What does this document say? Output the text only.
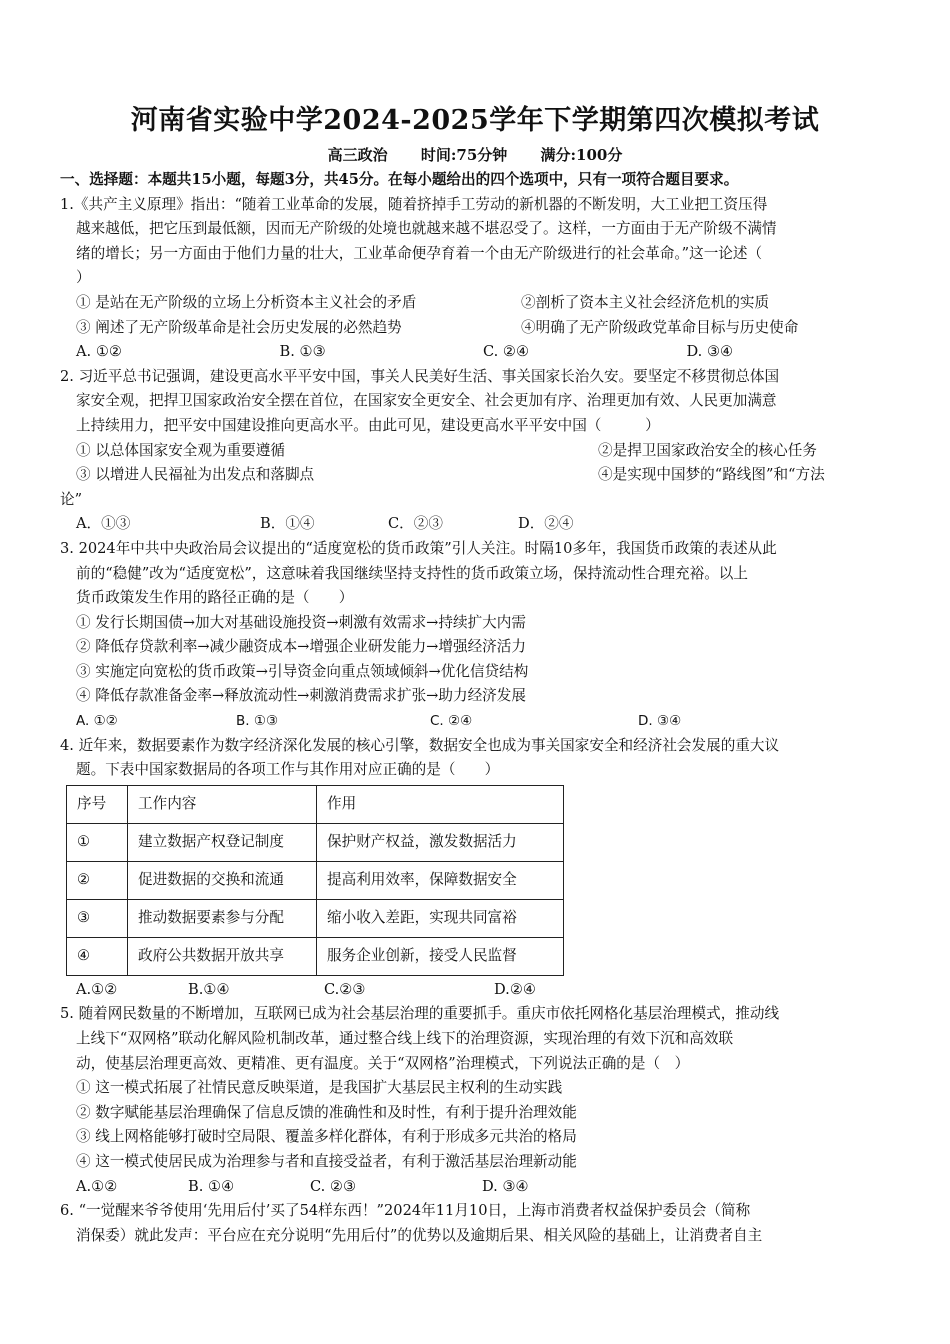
河南省实验中学2024-2025学年下学期第四次模拟考试
高三政治 时间:75分钟 满分:100分
一、选择题：本题共15小题，每题3分，共45分。在每小题给出的四个选项中，只有一项符合题目要求。

1.《共产主义原理》指出：“随着工业革命的发展，随着挤掉手工劳动的新机器的不断发明，大工业把工资压得

越来越低，把它压到最低额，因而无产阶级的处境也就越来越不堪忍受了。这样，一方面由于无产阶级不满情

绪的增长；另一方面由于他们力量的壮大，工业革命便孕育着一个由无产阶级进行的社会革命。”这一论述（

）

① 是站在无产阶级的立场上分析资本主义社会的矛盾	②剖析了资本主义社会经济危机的实质
③ 阐述了无产阶级革命是社会历史发展的必然趋势	④明确了无产阶级政党革命目标与历史使命
A. ①②	B. ①③	C. ②④	D. ③④

2. 习近平总书记强调，建设更高水平平安中国，事关人民美好生活、事关国家长治久安。要坚定不移贯彻总体国

家安全观，把捍卫国家政治安全摆在首位，在国家安全更安全、社会更加有序、治理更加有效、人民更加满意

上持续用力，把平安中国建设推向更高水平。由此可见，建设更高水平平安中国（　　　）

① 以总体国家安全观为重要遵循	②是捍卫国家政治安全的核心任务
③ 以增进人民福祉为出发点和落脚点	④是实现中国梦的“路线图”和“方法

论”

A．①③	B．①④	C．②③	D．②④

3. 2024年中共中央政治局会议提出的“适度宽松的货币政策”引人关注。时隔10多年，我国货币政策的表述从此

前的“稳健”改为“适度宽松”，这意味着我国继续坚持支持性的货币政策立场，保持流动性合理充裕。以上

货币政策发生作用的路径正确的是（　　）

① 发行长期国债→加大对基础设施投资→刺激有效需求→持续扩大内需

② 降低存贷款利率→减少融资成本→增强企业研发能力→增强经济活力

③ 实施定向宽松的货币政策→引导资金向重点领域倾斜→优化信贷结构

④ 降低存款准备金率→释放流动性→刺激消费需求扩张→助力经济发展

A. ①②	B. ①③	C. ②④	D. ③④

4. 近年来，数据要素作为数字经济深化发展的核心引擎，数据安全也成为事关国家安全和经济社会发展的重大议

题。下表中国家数据局的各项工作与其作用对应正确的是（　　）

序号	工作内容	作用
①	建立数据产权登记制度	保护财产权益，激发数据活力
②	促进数据的交换和流通	提高利用效率，保障数据安全
③	推动数据要素参与分配	缩小收入差距，实现共同富裕
④	政府公共数据开放共享	服务企业创新，接受人民监督
A.①②	B.①④	C.②③	D.②④

5. 随着网民数量的不断增加，互联网已成为社会基层治理的重要抓手。重庆市依托网格化基层治理模式，推动线

上线下“双网格”联动化解风险机制改革，通过整合线上线下的治理资源，实现治理的有效下沉和高效联

动，使基层治理更高效、更精准、更有温度。关于“双网格”治理模式，下列说法正确的是（　）

① 这一模式拓展了社情民意反映渠道，是我国扩大基层民主权利的生动实践

② 数字赋能基层治理确保了信息反馈的准确性和及时性，有利于提升治理效能

③ 线上网格能够打破时空局限、覆盖多样化群体，有利于形成多元共治的格局

④ 这一模式使居民成为治理参与者和直接受益者，有利于激活基层治理新动能

A.①②	B. ①④	C. ②③	D. ③④

6. “一觉醒来爷爷使用‘先用后付’买了54样东西！”2024年11月10日，上海市消费者权益保护委员会（简称

消保委）就此发声：平台应在充分说明“先用后付”的优势以及逾期后果、相关风险的基础上，让消费者自主
